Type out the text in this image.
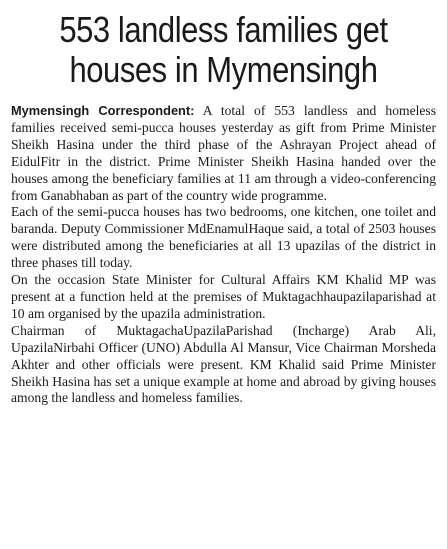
553 landless families get
houses in Mymensingh

Mymensingh Correspondent: A total of 553 landless and homeless families received semi-pucca houses yesterday as gift from Prime Minister Sheikh Hasina under the third phase of the Ashrayan Project ahead of EidulFitr in the district. Prime Minister Sheikh Hasina handed over the houses among the beneficiary families at 11 am through a video-conferencing from Ganabhaban as part of the country wide programme.

Each of the semi-pucca houses has two bedrooms, one kitchen, one toilet and baranda. Deputy Commissioner MdEnamulHaque said, a total of 2503 houses were distributed among the beneficiaries at all 13 upazilas of the district in three phases till today.

On the occasion State Minister for Cultural Affairs KM Khalid MP was present at a function held at the premises of Muktagachhaupazilaparishad at 10 am organised by the upazila administration.

Chairman of MuktagachaUpazilaParishad (Incharge) Arab Ali, UpazilaNirbahi Officer (UNO) Abdulla Al Mansur, Vice Chairman Morsheda Akhter and other officials were present. KM Khalid said Prime Minister Sheikh Hasina has set a unique example at home and abroad by giving houses among the landless and homeless families.
